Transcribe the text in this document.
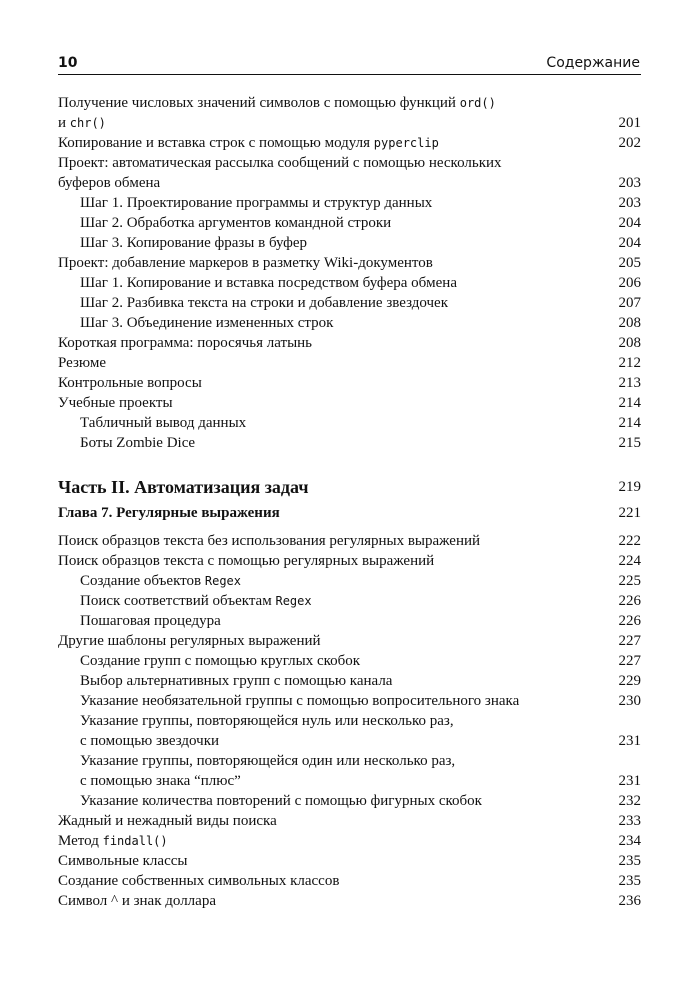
10	Содержание
Получение числовых значений символов с помощью функций ord()
и chr()	201
Копирование и вставка строк с помощью модуля pyperclip	202
Проект: автоматическая рассылка сообщений с помощью нескольких
буферов обмена	203
Шаг 1. Проектирование программы и структур данных	203
Шаг 2. Обработка аргументов командной строки	204
Шаг 3. Копирование фразы в буфер	204
Проект: добавление маркеров в разметку Wiki-документов	205
Шаг 1. Копирование и вставка посредством буфера обмена	206
Шаг 2. Разбивка текста на строки и добавление звездочек	207
Шаг 3. Объединение измененных строк	208
Короткая программа: поросячья латынь	208
Резюме	212
Контрольные вопросы	213
Учебные проекты	214
Табличный вывод данных	214
Боты Zombie Dice	215
Часть II. Автоматизация задач	219
Глава 7. Регулярные выражения	221
Поиск образцов текста без использования регулярных выражений	222
Поиск образцов текста с помощью регулярных выражений	224
Создание объектов Regex	225
Поиск соответствий объектам Regex	226
Пошаговая процедура	226
Другие шаблоны регулярных выражений	227
Создание групп с помощью круглых скобок	227
Выбор альтернативных групп с помощью канала	229
Указание необязательной группы с помощью вопросительного знака	230
Указание группы, повторяющейся нуль или несколько раз,
с помощью звездочки	231
Указание группы, повторяющейся один или несколько раз,
с помощью знака “плюс”	231
Указание количества повторений с помощью фигурных скобок	232
Жадный и нежадный виды поиска	233
Метод findall()	234
Символьные классы	235
Создание собственных символьных классов	235
Символ ^ и знак доллара	236
